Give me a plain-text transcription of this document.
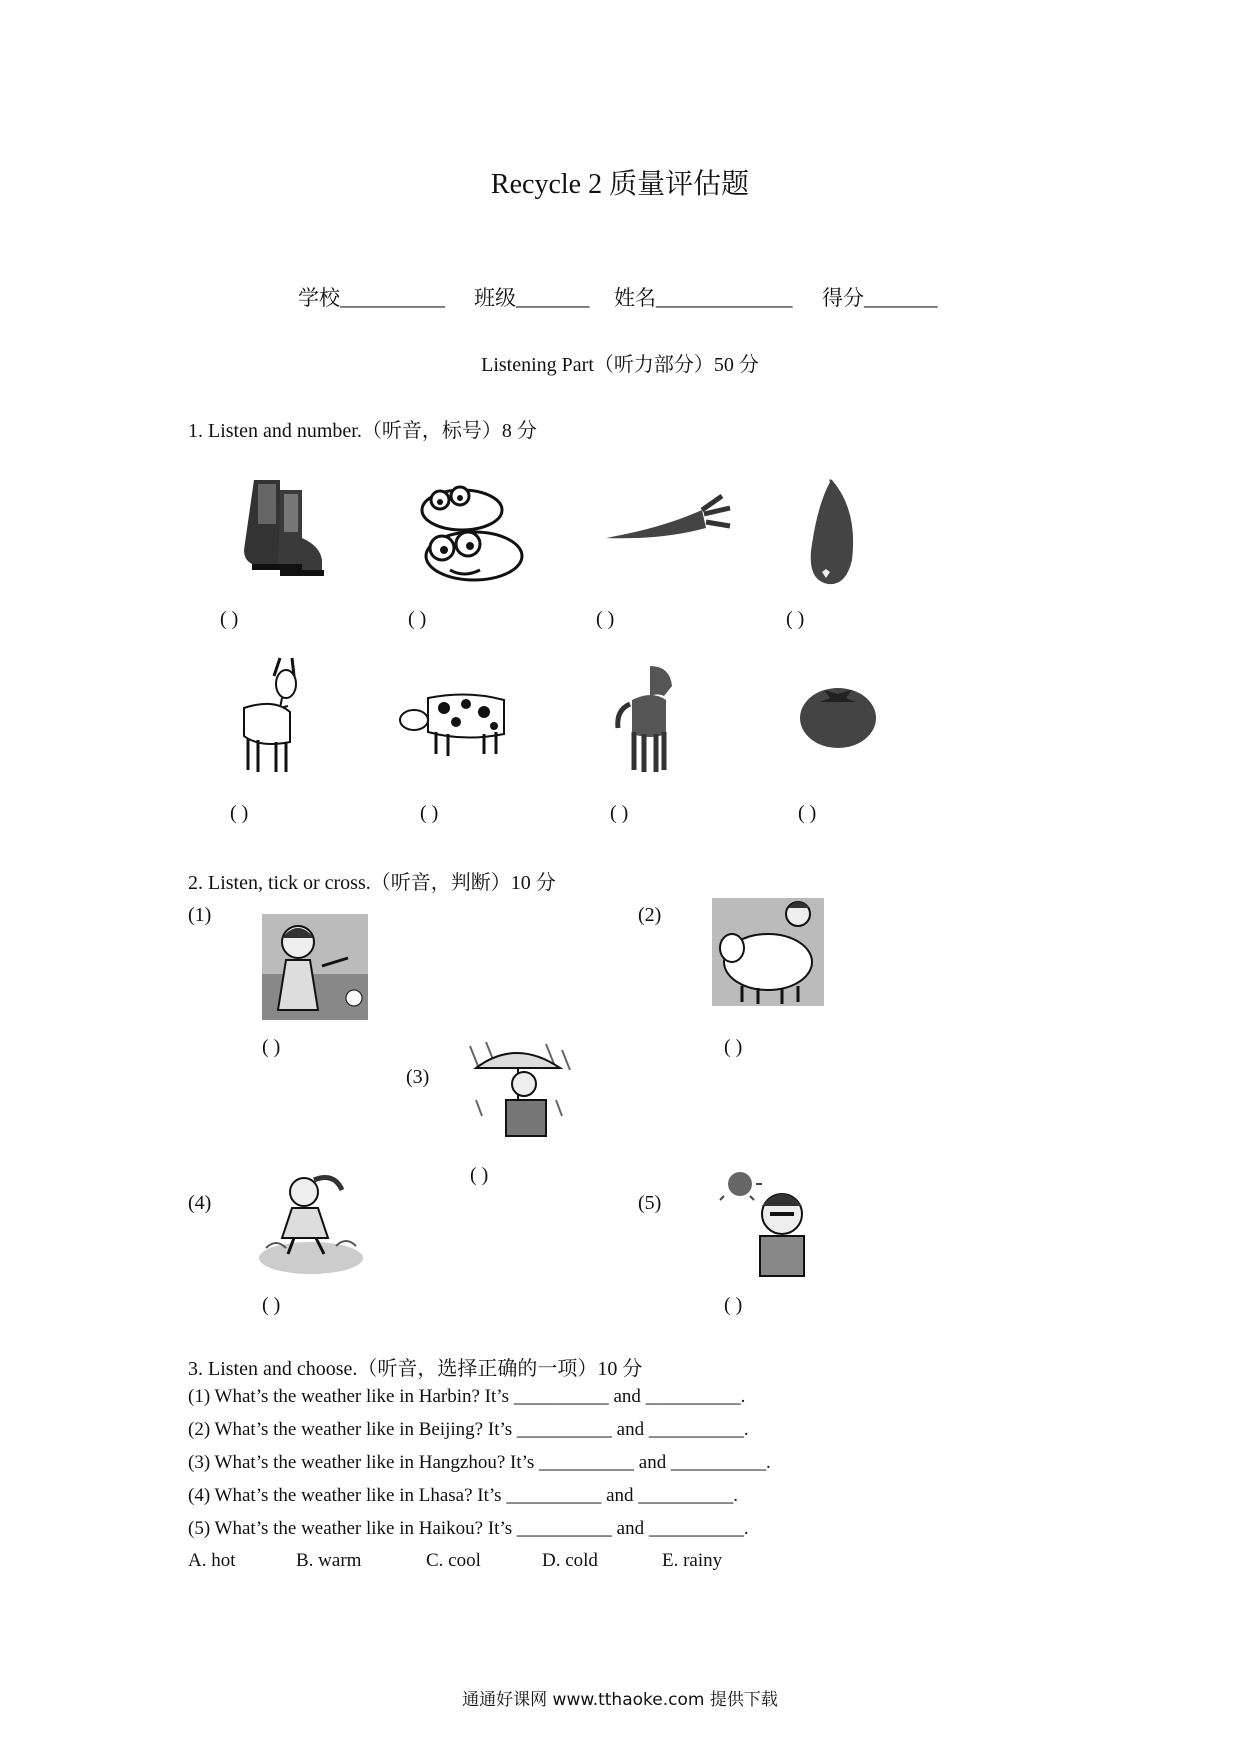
Recycle 2 质量评估题
学校__________ 班级_______ 姓名_____________ 得分_______
Listening Part（听力部分）50 分
1. Listen and number.（听音，标号）8 分
( )	( )	( )	( )
( )	( )	( )	( )
2. Listen, tick or cross.（听音，判断）10 分
(1)
( )
(2)
( )
(3)
( )
(4)
( )
(5)
( )
3. Listen and choose.（听音，选择正确的一项）10 分
(1) What’s the weather like in Harbin? It’s __________ and __________.
(2) What’s the weather like in Beijing? It’s __________ and __________.
(3) What’s the weather like in Hangzhou? It’s __________ and __________.
(4) What’s the weather like in Lhasa? It’s __________ and __________.
(5) What’s the weather like in Haikou? It’s __________ and __________.
A. hot	B. warm	C. cool	D. cold	E. rainy
通通好课网 www.tthaoke.com 提供下载
